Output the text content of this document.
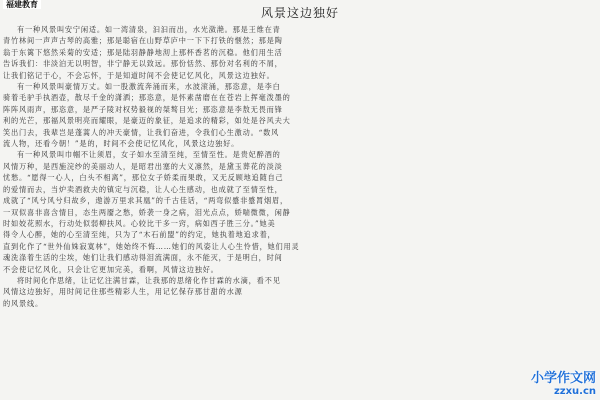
福建教育
风景这边独好

有一种风景叫安宁闲适。如一湾清泉，汩汩而出，水光潋滟。那是王维在青

青竹林间一声声古琴的高雅；那是聪宿在山野草庐中一下下打铁的惬然；那是陶

翁于东篱下悠然采菊的安适；那是陆羽静静地沏上那杯香茗的沉稳。他们用生活

告诉我们：非淡泊无以明智，非宁静无以致远。那份恬然、那份对名利的不屑，

让我们铭记于心，不会忘怀，于是知道时间不会使记忆风化，风景这边独好。

有一种风景叫豪情万丈。如一股激流奔涌而来，水波滚涌，那恣意，是李白

骑着毛驴手执酒壶，散尽千金的潇洒；那恣意，是怀素凿磨在在苍岩上挥毫泼墨的

阵阵风雨声，那恣意，是严子陵对权势毅视的桀骜目光；那恣意是李敖无畏而锋

利的光芒，那福风景明亮而耀眼，是豪迈的象征，是追求的精彩，如处是谷风夫大

笑出门去，我辈岂是蓬蒿人的冲天豪情，让我们奋进，令我们心生激动。“数风

流人物，还看今朝！”是的，时间不会使记忆风化，风景这边独好。

有一种风景叫巾帼不让须眉，女子如水至清至纯，至情至性。是贵妃醉酒的

风情万种，是西施浣纱的美丽动人，是昭君出塞的大义凛然，是黛玉葬花的淡淡

忧愁。“愿得一心人，白头不相离”，那位女子娇柔而果敢，又无反顾地追随自己

的爱情而去，当炉卖酒救夫的镇定与沉稳，让人心生感动，也成就了至情至性，

成就了“风兮风兮归故乡，遨游万里求其凰”的千古佳话，“两弯似蹙非蹙罥烟眉，

一双似喜非喜含情目，态生两靥之愁，娇袭一身之病，泪光点点，娇喘微微，闲静

时如姣花照水，行动处似弱柳扶风。心较比干多一窍，病如西子胜三分。”她美

得令人心醉，她的心至清至纯，只为了“木石前盟”的约定，她执着地追求着，

直到化作了“世外仙姝寂寞林”，她始终不悔……她们的风姿让人心生怜惜，她们用灵

魂洗涤着生活的尘埃，她们让我们感动得泪流满面，永不能灭，于是明白，时间

不会使记忆风化，只会让它更加完美，看啊，风情这边独好。

将时间化作思绪，让记忆注满甘霖，让我那的思绪化作甘霖的水滴，看不见

风情这边独好，用时间记住那些精彩人生，用记忆保存那甘甜的水源

的风景线。

小学作文网
zzxu.cn
